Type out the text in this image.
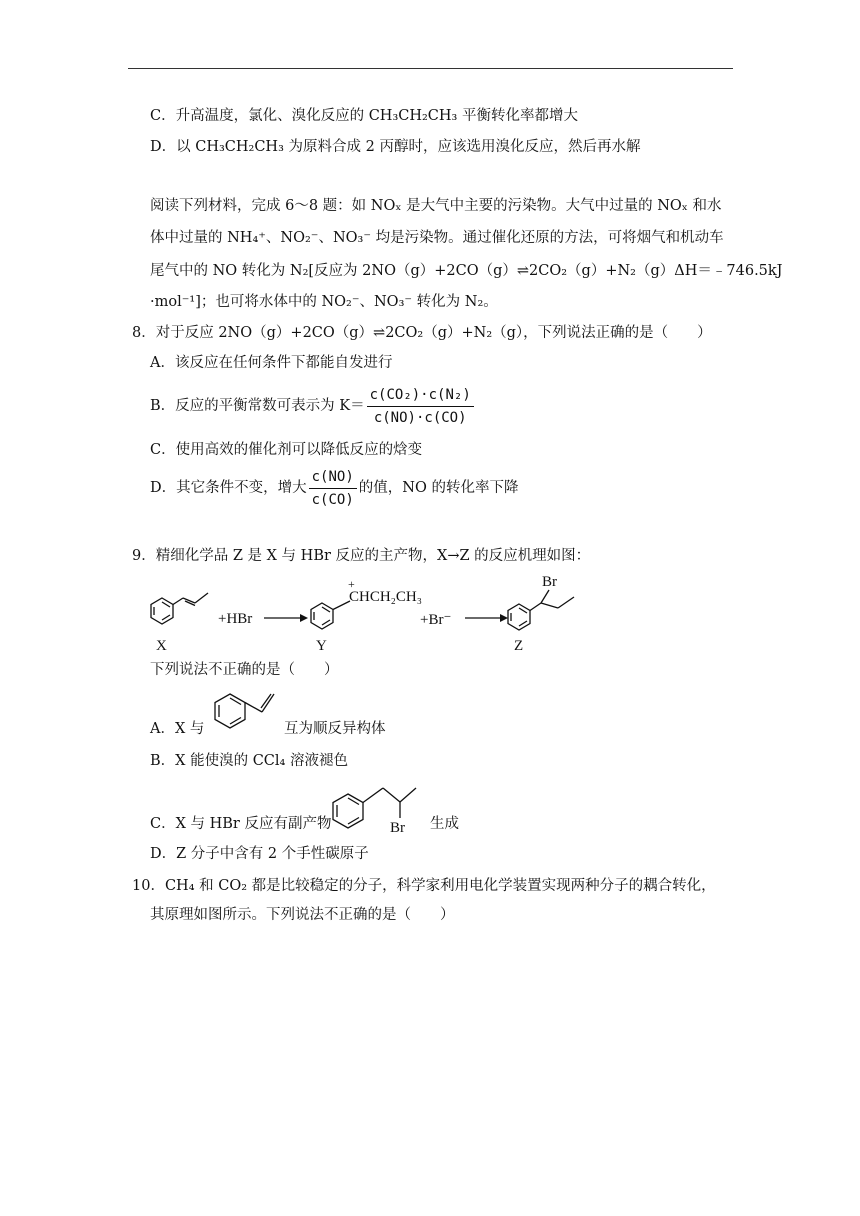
C．升高温度，氯化、溴化反应的 CH₃CH₂CH₃ 平衡转化率都增大
D．以 CH₃CH₂CH₃ 为原料合成 2 丙醇时，应该选用溴化反应，然后再水解
阅读下列材料，完成 6～8 题：如 NOₓ 是大气中主要的污染物。大气中过量的 NOₓ 和水
体中过量的 NH₄⁺、NO₂⁻、NO₃⁻ 均是污染物。通过催化还原的方法，可将烟气和机动车
尾气中的 NO 转化为 N₂[反应为 2NO（g）+2CO（g）⇌2CO₂（g）+N₂（g）ΔH＝﹣746.5kJ
·mol⁻¹]；也可将水体中的 NO₂⁻、NO₃⁻ 转化为 N₂。
8．对于反应 2NO（g）+2CO（g）⇌2CO₂（g）+N₂（g），下列说法正确的是（　　）
A．该反应在任何条件下都能自发进行
B．反应的平衡常数可表示为 $K= \frac{\text{c(CO₂)·c(N₂)}}{c(NO)\cdot c(CO)}$
C．使用高效的催化剂可以降低反应的焓变
D．其它条件不变，增大 $\frac{c(NO)}{c(CO)}$ 的值，NO 的转化率下降
9．精细化学品 Z 是 X 与 HBr 反应的主产物，X→Z 的反应机理如图：
+HBr
CHCH₂CH₃
+
+Br⁻
Br
X	Y	Z
下列说法不正确的是（　　）
A．X 与	互为顺反异构体
B．X 能使溴的 CCl₄ 溶液褪色
C．X 与 HBr 反应有副产物	Br 生成
D．Z 分子中含有 2 个手性碳原子
10．CH₄ 和 CO₂ 都是比较稳定的分子，科学家利用电化学装置实现两种分子的耦合转化，
其原理如图所示。下列说法不正确的是（　　）
